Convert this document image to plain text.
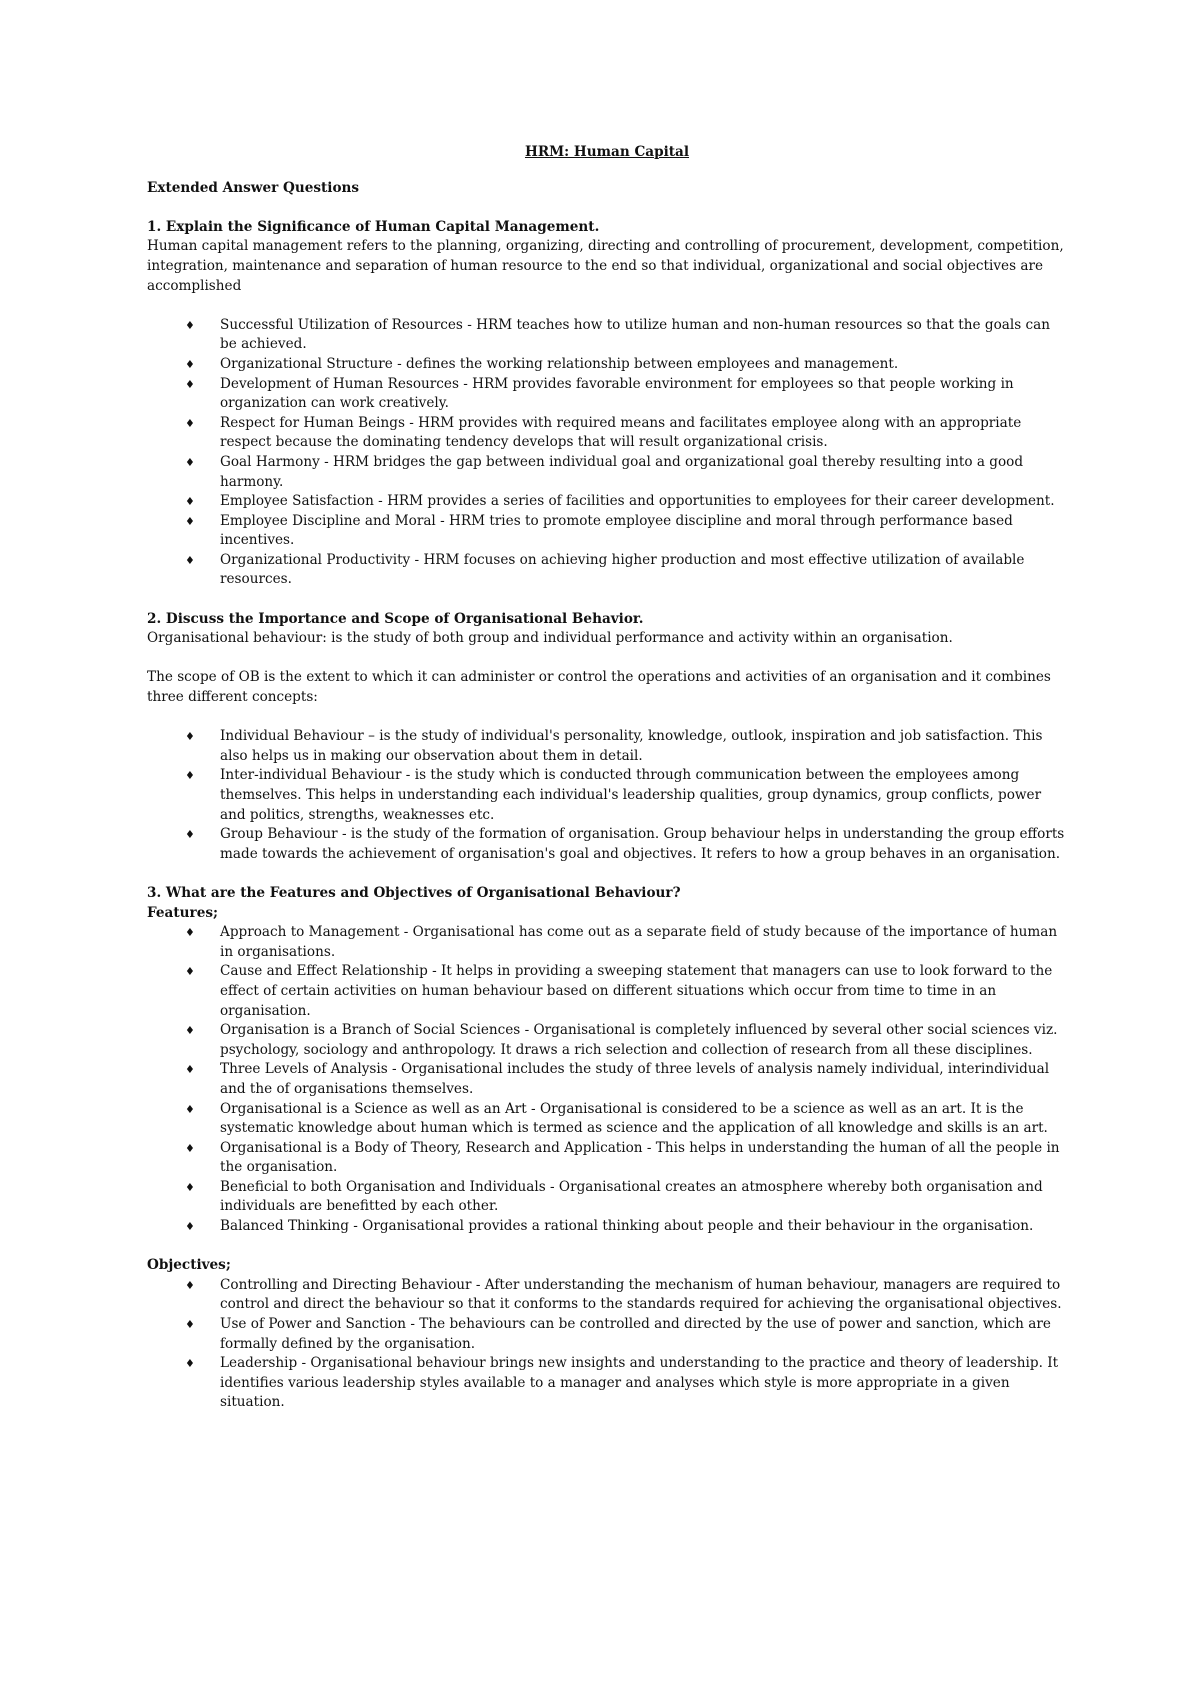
HRM: Human Capital

Extended Answer Questions

1. Explain the Significance of Human Capital Management.

Human capital management refers to the planning, organizing, directing and controlling of procurement, development, competition, integration, maintenance and separation of human resource to the end so that individual, organizational and social objectives are accomplished

♦ Successful Utilization of Resources - HRM teaches how to utilize human and non-human resources so that the goals can be achieved.
♦ Organizational Structure - defines the working relationship between employees and management.
♦ Development of Human Resources - HRM provides favorable environment for employees so that people working in organization can work creatively.
♦ Respect for Human Beings - HRM provides with required means and facilitates employee along with an appropriate respect because the dominating tendency develops that will result organizational crisis.
♦ Goal Harmony - HRM bridges the gap between individual goal and organizational goal thereby resulting into a good harmony.
♦ Employee Satisfaction - HRM provides a series of facilities and opportunities to employees for their career development.
♦ Employee Discipline and Moral - HRM tries to promote employee discipline and moral through performance based incentives.
♦ Organizational Productivity - HRM focuses on achieving higher production and most effective utilization of available resources.

2. Discuss the Importance and Scope of Organisational Behavior.

Organisational behaviour: is the study of both group and individual performance and activity within an organisation.

The scope of OB is the extent to which it can administer or control the operations and activities of an organisation and it combines three different concepts:

♦ Individual Behaviour – is the study of individual's personality, knowledge, outlook, inspiration and job satisfaction. This also helps us in making our observation about them in detail.
♦ Inter-individual Behaviour - is the study which is conducted through communication between the employees among themselves. This helps in understanding each individual's leadership qualities, group dynamics, group conflicts, power and politics, strengths, weaknesses etc.
♦ Group Behaviour - is the study of the formation of organisation. Group behaviour helps in understanding the group efforts made towards the achievement of organisation's goal and objectives. It refers to how a group behaves in an organisation.

3. What are the Features and Objectives of Organisational Behaviour?

Features;

♦ Approach to Management - Organisational has come out as a separate field of study because of the importance of human in organisations.
♦ Cause and Effect Relationship - It helps in providing a sweeping statement that managers can use to look forward to the effect of certain activities on human behaviour based on different situations which occur from time to time in an organisation.
♦ Organisation is a Branch of Social Sciences - Organisational is completely influenced by several other social sciences viz. psychology, sociology and anthropology. It draws a rich selection and collection of research from all these disciplines.
♦ Three Levels of Analysis - Organisational includes the study of three levels of analysis namely individual, interindividual and the of organisations themselves.
♦ Organisational is a Science as well as an Art - Organisational is considered to be a science as well as an art. It is the systematic knowledge about human which is termed as science and the application of all knowledge and skills is an art.
♦ Organisational is a Body of Theory, Research and Application - This helps in understanding the human of all the people in the organisation.
♦ Beneficial to both Organisation and Individuals - Organisational creates an atmosphere whereby both organisation and individuals are benefitted by each other.
♦ Balanced Thinking - Organisational provides a rational thinking about people and their behaviour in the organisation.

Objectives;

♦ Controlling and Directing Behaviour - After understanding the mechanism of human behaviour, managers are required to control and direct the behaviour so that it conforms to the standards required for achieving the organisational objectives.
♦ Use of Power and Sanction - The behaviours can be controlled and directed by the use of power and sanction, which are formally defined by the organisation.
♦ Leadership - Organisational behaviour brings new insights and understanding to the practice and theory of leadership. It identifies various leadership styles available to a manager and analyses which style is more appropriate in a given situation.
